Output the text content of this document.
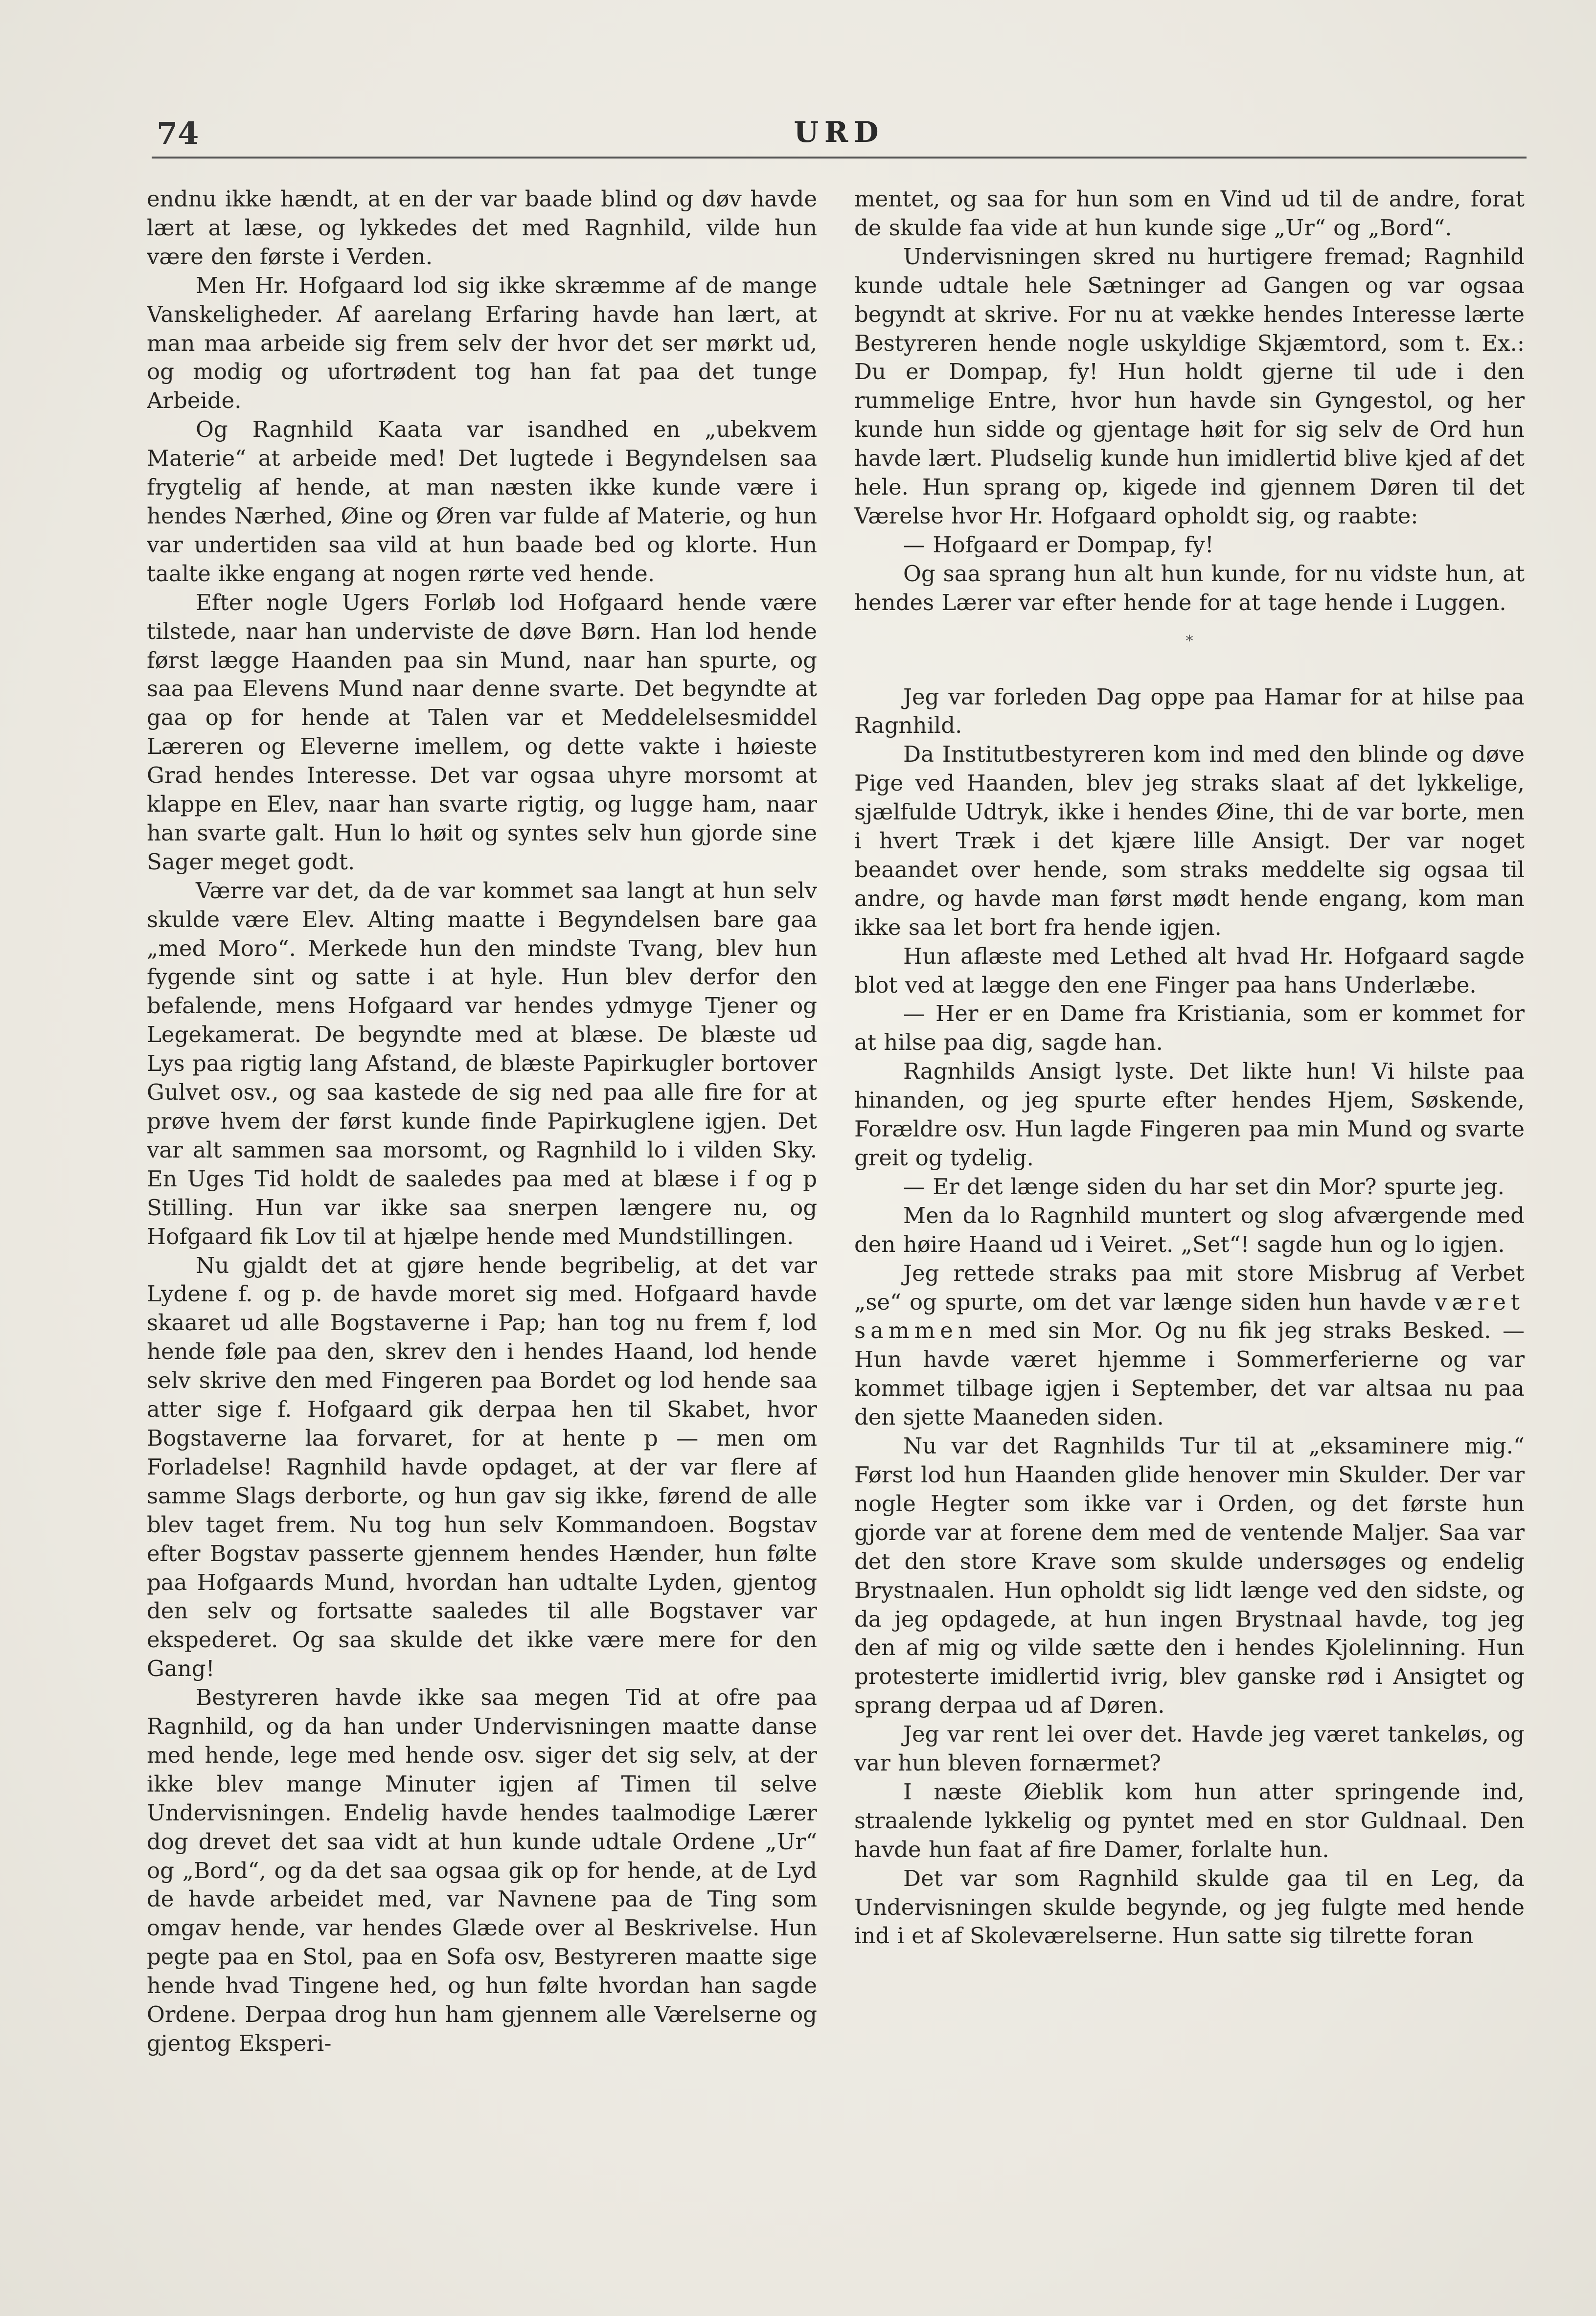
74	URD

endnu ikke hændt, at en der var baade blind og døv havde lært at læse, og lykkedes det med Ragnhild, vilde hun være den første i Verden.

Men Hr. Hofgaard lod sig ikke skræmme af de mange Vanskeligheder. Af aarelang Erfaring havde han lært, at man maa arbeide sig frem selv der hvor det ser mørkt ud, og modig og ufortrødent tog han fat paa det tunge Arbeide.

Og Ragnhild Kaata var isandhed en „ubekvem Materie“ at arbeide med! Det lugtede i Begyndelsen saa frygtelig af hende, at man næsten ikke kunde være i hendes Nærhed, Øine og Øren var fulde af Materie, og hun var undertiden saa vild at hun baade bed og klorte. Hun taalte ikke engang at nogen rørte ved hende.

Efter nogle Ugers Forløb lod Hofgaard hende være tilstede, naar han underviste de døve Børn. Han lod hende først lægge Haanden paa sin Mund, naar han spurte, og saa paa Elevens Mund naar denne svarte. Det begyndte at gaa op for hende at Talen var et Meddelelsesmiddel Læreren og Eleverne imellem, og dette vakte i høieste Grad hendes Interesse. Det var ogsaa uhyre morsomt at klappe en Elev, naar han svarte rigtig, og lugge ham, naar han svarte galt. Hun lo høit og syntes selv hun gjorde sine Sager meget godt.

Værre var det, da de var kommet saa langt at hun selv skulde være Elev. Alting maatte i Begyndelsen bare gaa „med Moro“. Merkede hun den mindste Tvang, blev hun fygende sint og satte i at hyle. Hun blev derfor den befalende, mens Hofgaard var hendes ydmyge Tjener og Legekamerat. De begyndte med at blæse. De blæste ud Lys paa rigtig lang Afstand, de blæste Papirkugler bortover Gulvet osv., og saa kastede de sig ned paa alle fire for at prøve hvem der først kunde finde Papirkuglene igjen. Det var alt sammen saa morsomt, og Ragnhild lo i vilden Sky. En Uges Tid holdt de saaledes paa med at blæse i f og p Stilling. Hun var ikke saa snerpen længere nu, og Hofgaard fik Lov til at hjælpe hende med Mundstillingen.

Nu gjaldt det at gjøre hende begribelig, at det var Lydene f. og p. de havde moret sig med. Hofgaard havde skaaret ud alle Bogstaverne i Pap; han tog nu frem f, lod hende føle paa den, skrev den i hendes Haand, lod hende selv skrive den med Fingeren paa Bordet og lod hende saa atter sige f. Hofgaard gik derpaa hen til Skabet, hvor Bogstaverne laa forvaret, for at hente p — men om Forladelse! Ragnhild havde opdaget, at der var flere af samme Slags derborte, og hun gav sig ikke, førend de alle blev taget frem. Nu tog hun selv Kommandoen. Bogstav efter Bogstav passerte gjennem hendes Hænder, hun følte paa Hofgaards Mund, hvordan han udtalte Lyden, gjentog den selv og fortsatte saaledes til alle Bogstaver var ekspederet. Og saa skulde det ikke være mere for den Gang!

Bestyreren havde ikke saa megen Tid at ofre paa Ragnhild, og da han under Undervisningen maatte danse med hende, lege med hende osv. siger det sig selv, at der ikke blev mange Minuter igjen af Timen til selve Undervisningen. Endelig havde hendes taalmodige Lærer dog drevet det saa vidt at hun kunde udtale Ordene „Ur“ og „Bord“, og da det saa ogsaa gik op for hende, at de Lyd de havde arbeidet med, var Navnene paa de Ting som omgav hende, var hendes Glæde over al Beskrivelse. Hun pegte paa en Stol, paa en Sofa osv, Bestyreren maatte sige hende hvad Tingene hed, og hun følte hvordan han sagde Ordene. Derpaa drog hun ham gjennem alle Værelserne og gjentog Eksperi-

mentet, og saa for hun som en Vind ud til de andre, forat de skulde faa vide at hun kunde sige „Ur“ og „Bord“.

Undervisningen skred nu hurtigere fremad; Ragnhild kunde udtale hele Sætninger ad Gangen og var ogsaa begyndt at skrive. For nu at vække hendes Interesse lærte Bestyreren hende nogle uskyldige Skjæmtord, som t. Ex.: Du er Dompap, fy! Hun holdt gjerne til ude i den rummelige Entre, hvor hun havde sin Gyngestol, og her kunde hun sidde og gjentage høit for sig selv de Ord hun havde lært. Pludselig kunde hun imidlertid blive kjed af det hele. Hun sprang op, kigede ind gjennem Døren til det Værelse hvor Hr. Hofgaard opholdt sig, og raabte:

— Hofgaard er Dompap, fy!

Og saa sprang hun alt hun kunde, for nu vidste hun, at hendes Lærer var efter hende for at tage hende i Luggen.

*

Jeg var forleden Dag oppe paa Hamar for at hilse paa Ragnhild.

Da Institutbestyreren kom ind med den blinde og døve Pige ved Haanden, blev jeg straks slaat af det lykkelige, sjælfulde Udtryk, ikke i hendes Øine, thi de var borte, men i hvert Træk i det kjære lille Ansigt. Der var noget beaandet over hende, som straks meddelte sig ogsaa til andre, og havde man først mødt hende engang, kom man ikke saa let bort fra hende igjen.

Hun aflæste med Lethed alt hvad Hr. Hofgaard sagde blot ved at lægge den ene Finger paa hans Underlæbe.

— Her er en Dame fra Kristiania, som er kommet for at hilse paa dig, sagde han.

Ragnhilds Ansigt lyste. Det likte hun! Vi hilste paa hinanden, og jeg spurte efter hendes Hjem, Søskende, Forældre osv. Hun lagde Fingeren paa min Mund og svarte greit og tydelig.

— Er det længe siden du har set din Mor? spurte jeg.

Men da lo Ragnhild muntert og slog afværgende med den høire Haand ud i Veiret. „Set“! sagde hun og lo igjen.

Jeg rettede straks paa mit store Misbrug af Verbet „se“ og spurte, om det var længe siden hun havde været sammen med sin Mor. Og nu fik jeg straks Besked. — Hun havde været hjemme i Sommerferierne og var kommet tilbage igjen i September, det var altsaa nu paa den sjette Maaneden siden.

Nu var det Ragnhilds Tur til at „eksaminere mig.“ Først lod hun Haanden glide henover min Skulder. Der var nogle Hegter som ikke var i Orden, og det første hun gjorde var at forene dem med de ventende Maljer. Saa var det den store Krave som skulde undersøges og endelig Brystnaalen. Hun opholdt sig lidt længe ved den sidste, og da jeg opdagede, at hun ingen Brystnaal havde, tog jeg den af mig og vilde sætte den i hendes Kjolelinning. Hun protesterte imidlertid ivrig, blev ganske rød i Ansigtet og sprang derpaa ud af Døren.

Jeg var rent lei over det. Havde jeg været tankeløs, og var hun bleven fornærmet?

I næste Øieblik kom hun atter springende ind, straalende lykkelig og pyntet med en stor Guldnaal. Den havde hun faat af fire Damer, forlalte hun.

Det var som Ragnhild skulde gaa til en Leg, da Undervisningen skulde begynde, og jeg fulgte med hende ind i et af Skoleværelserne. Hun satte sig tilrette foran
